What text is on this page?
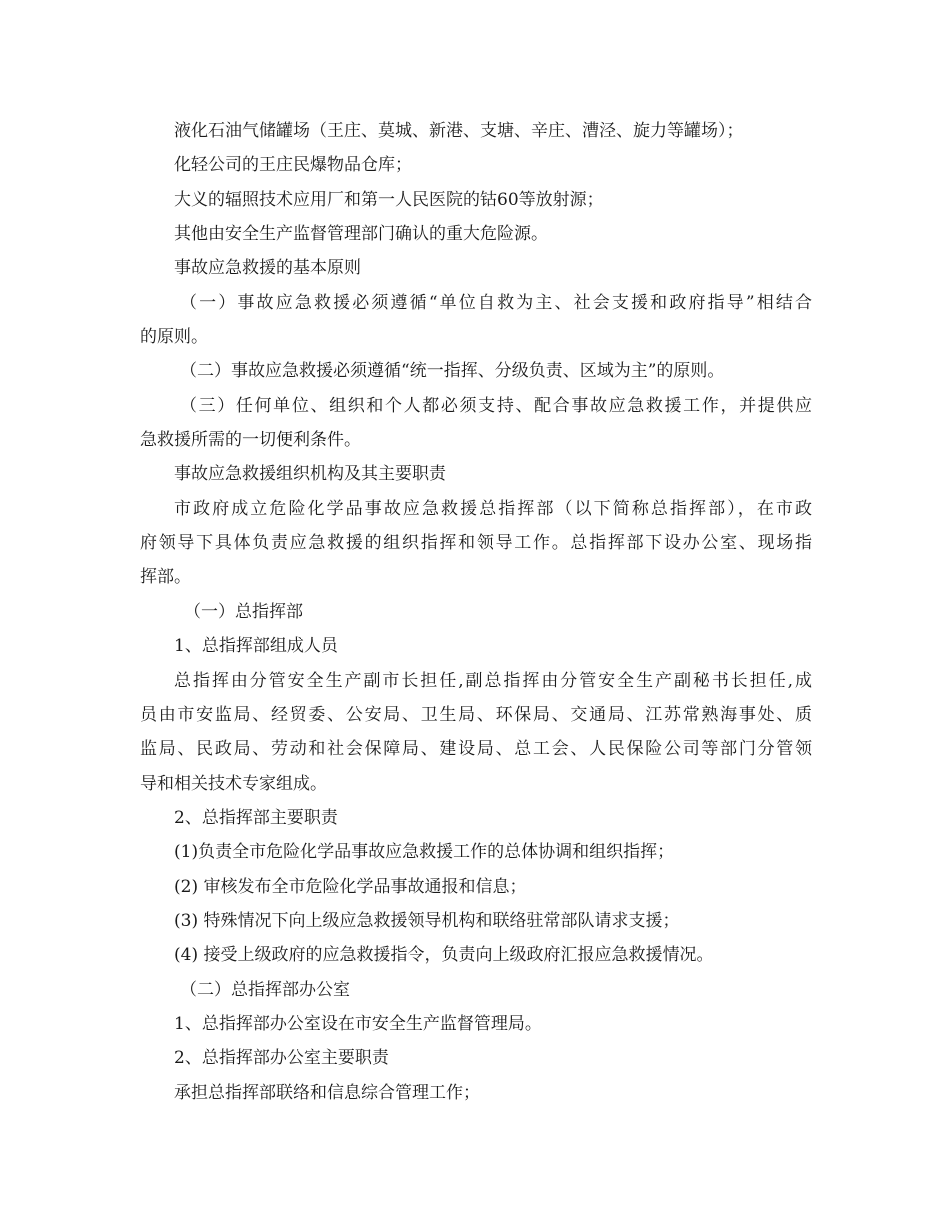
液化石油气储罐场（王庄、莫城、新港、支塘、辛庄、漕泾、旋力等罐场）；
化轻公司的王庄民爆物品仓库；
大义的辐照技术应用厂和第一人民医院的钴60等放射源；
其他由安全生产监督管理部门确认的重大危险源。
事故应急救援的基本原则
（一）事故应急救援必须遵循“单位自救为主、社会支援和政府指导”相结合
的原则。
（二）事故应急救援必须遵循“统一指挥、分级负责、区域为主”的原则。
（三）任何单位、组织和个人都必须支持、配合事故应急救援工作，并提供应
急救援所需的一切便利条件。
事故应急救援组织机构及其主要职责
市政府成立危险化学品事故应急救援总指挥部（以下简称总指挥部），在市政
府领导下具体负责应急救援的组织指挥和领导工作。总指挥部下设办公室、现场指
挥部。
（一）总指挥部
1、总指挥部组成人员
总指挥由分管安全生产副市长担任,副总指挥由分管安全生产副秘书长担任,成
员由市安监局、经贸委、公安局、卫生局、环保局、交通局、江苏常熟海事处、质
监局、民政局、劳动和社会保障局、建设局、总工会、人民保险公司等部门分管领
导和相关技术专家组成。
2、总指挥部主要职责
(1)负责全市危险化学品事故应急救援工作的总体协调和组织指挥；
(2) 审核发布全市危险化学品事故通报和信息；
(3) 特殊情况下向上级应急救援领导机构和联络驻常部队请求支援；
(4) 接受上级政府的应急救援指令，负责向上级政府汇报应急救援情况。
（二）总指挥部办公室
1、总指挥部办公室设在市安全生产监督管理局。
2、总指挥部办公室主要职责
承担总指挥部联络和信息综合管理工作；
